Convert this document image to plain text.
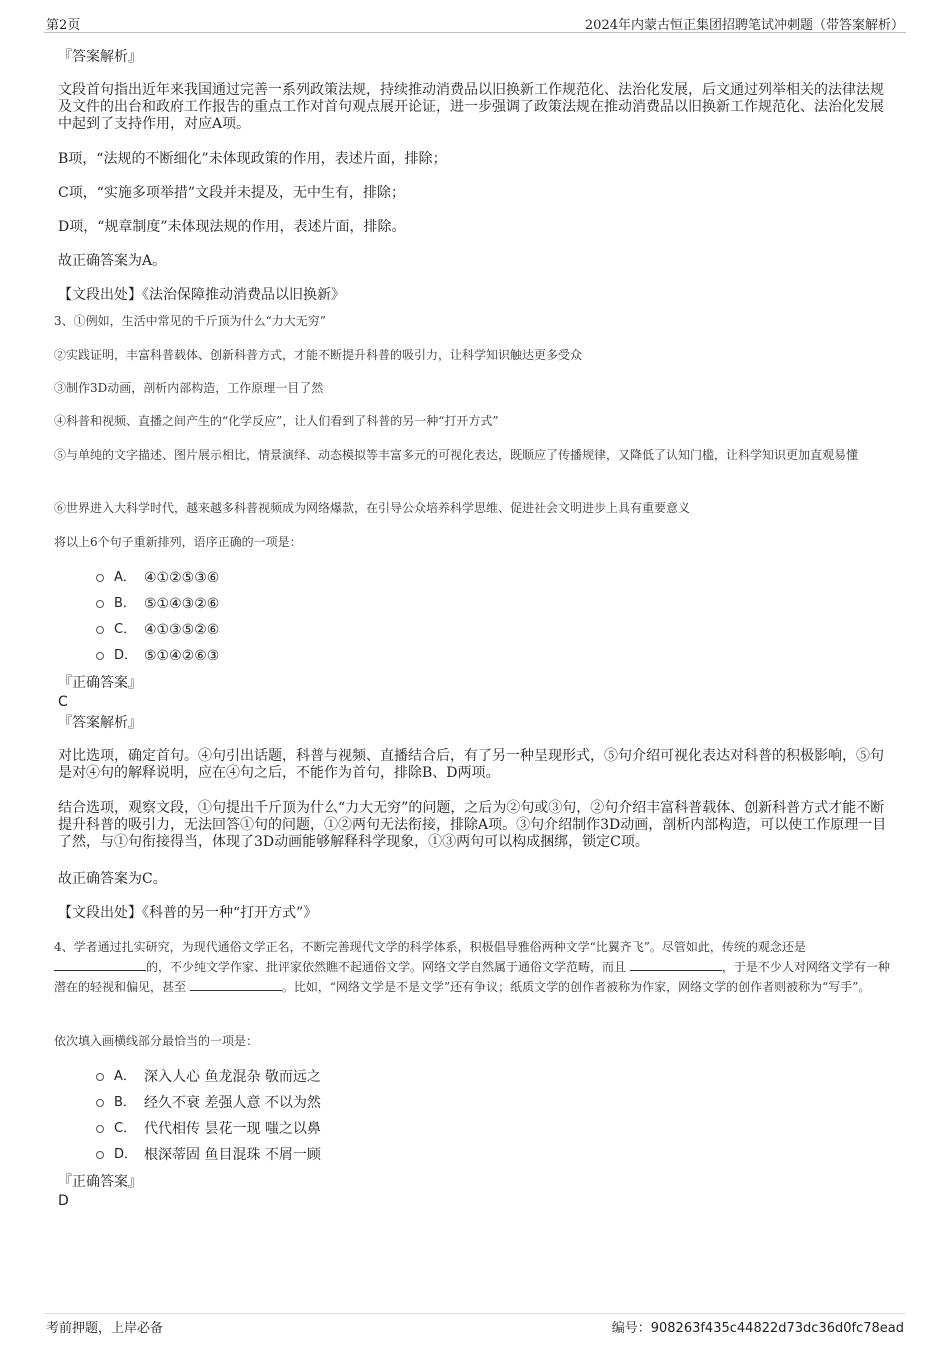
第2页	2024年内蒙古恒正集团招聘笔试冲刺题（带答案解析）
『答案解析』
文段首句指出近年来我国通过完善一系列政策法规，持续推动消费品以旧换新工作规范化、法治化发展，后文通过列举相关的法律法规及文件的出台和政府工作报告的重点工作对首句观点展开论证，进一步强调了政策法规在推动消费品以旧换新工作规范化、法治化发展中起到了支持作用，对应A项。
B项，“法规的不断细化”未体现政策的作用，表述片面，排除；
C项，“实施多项举措”文段并未提及，无中生有，排除；
D项，“规章制度”未体现法规的作用，表述片面，排除。
故正确答案为A。
【文段出处】《法治保障推动消费品以旧换新》
3、①例如，生活中常见的千斤顶为什么“力大无穷”
②实践证明，丰富科普载体、创新科普方式，才能不断提升科普的吸引力，让科学知识触达更多受众
③制作3D动画，剖析内部构造，工作原理一目了然
④科普和视频、直播之间产生的“化学反应”，让人们看到了科普的另一种“打开方式”
⑤与单纯的文字描述、图片展示相比，情景演绎、动态模拟等丰富多元的可视化表达，既顺应了传播规律，又降低了认知门槛，让科学知识更加直观易懂
⑥世界进入大科学时代，越来越多科普视频成为网络爆款，在引导公众培养科学思维、促进社会文明进步上具有重要意义
将以上6个句子重新排列，语序正确的一项是：
A． ④①②⑤③⑥
B． ⑤①④③②⑥
C． ④①③⑤②⑥
D． ⑤①④②⑥③
『正确答案』
C
『答案解析』
对比选项，确定首句。④句引出话题，科普与视频、直播结合后，有了另一种呈现形式，⑤句介绍可视化表达对科普的积极影响，⑤句是对④句的解释说明，应在④句之后，不能作为首句，排除B、D两项。
结合选项，观察文段，①句提出千斤顶为什么“力大无穷”的问题，之后为②句或③句，②句介绍丰富科普载体、创新科普方式才能不断提升科普的吸引力，无法回答①句的问题，①②两句无法衔接，排除A项。③句介绍制作3D动画，剖析内部构造，可以使工作原理一目了然，与①句衔接得当，体现了3D动画能够解释科学现象，①③两句可以构成捆绑，锁定C项。
故正确答案为C。
【文段出处】《科普的另一种“打开方式”》
4、学者通过扎实研究，为现代通俗文学正名，不断完善现代文学的科学体系，积极倡导雅俗两种文学“比翼齐飞”。尽管如此，传统的观念还是
的，不少纯文学作家、批评家依然瞧不起通俗文学。网络文学自然属于通俗文学范畴，而且	，于是不少人对网络文学有一种潜在的轻视和偏见，甚至	。比如，“网络文学是不是文学”还有争议；纸质文学的创作者被称为作家，网络文学的创作者则被称为“写手”。
依次填入画横线部分最恰当的一项是：
A． 深入人心 鱼龙混杂 敬而远之
B． 经久不衰 差强人意 不以为然
C． 代代相传 昙花一现 嗤之以鼻
D． 根深蒂固 鱼目混珠 不屑一顾
『正确答案』
D
考前押题，上岸必备	编号：908263f435c44822d73dc36d0fc78ead
